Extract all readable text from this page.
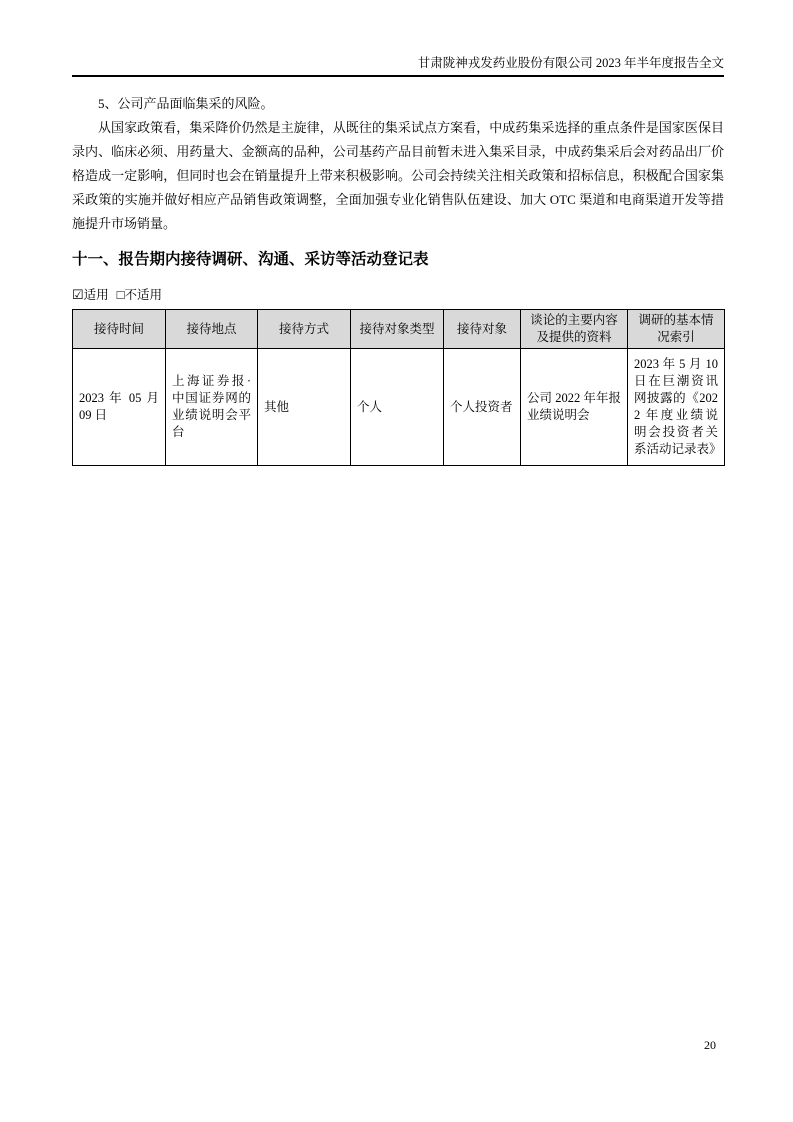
甘肃陇神戎发药业股份有限公司 2023 年半年度报告全文

5、公司产品面临集采的风险。

从国家政策看，集采降价仍然是主旋律，从既往的集采试点方案看，中成药集采选择的重点条件是国家医保目录内、临床必须、用药量大、金额高的品种，公司基药产品目前暂未进入集采目录，中成药集采后会对药品出厂价格造成一定影响，但同时也会在销量提升上带来积极影响。公司会持续关注相关政策和招标信息，积极配合国家集采政策的实施并做好相应产品销售政策调整，全面加强专业化销售队伍建设、加大 OTC 渠道和电商渠道开发等措施提升市场销量。

十一、报告期内接待调研、沟通、采访等活动登记表
☑适用 □不适用
接待时间	接待地点	接待方式	接待对象类型	接待对象	谈论的主要内容及提供的资料	调研的基本情况索引
2023 年 05 月 09 日	上海证券报·中国证券网的业绩说明会平台	其他	个人	个人投资者	公司 2022 年年报业绩说明会	2023 年 5 月 10 日在巨潮资讯网披露的《2022 年度业绩说明会投资者关系活动记录表》
20
